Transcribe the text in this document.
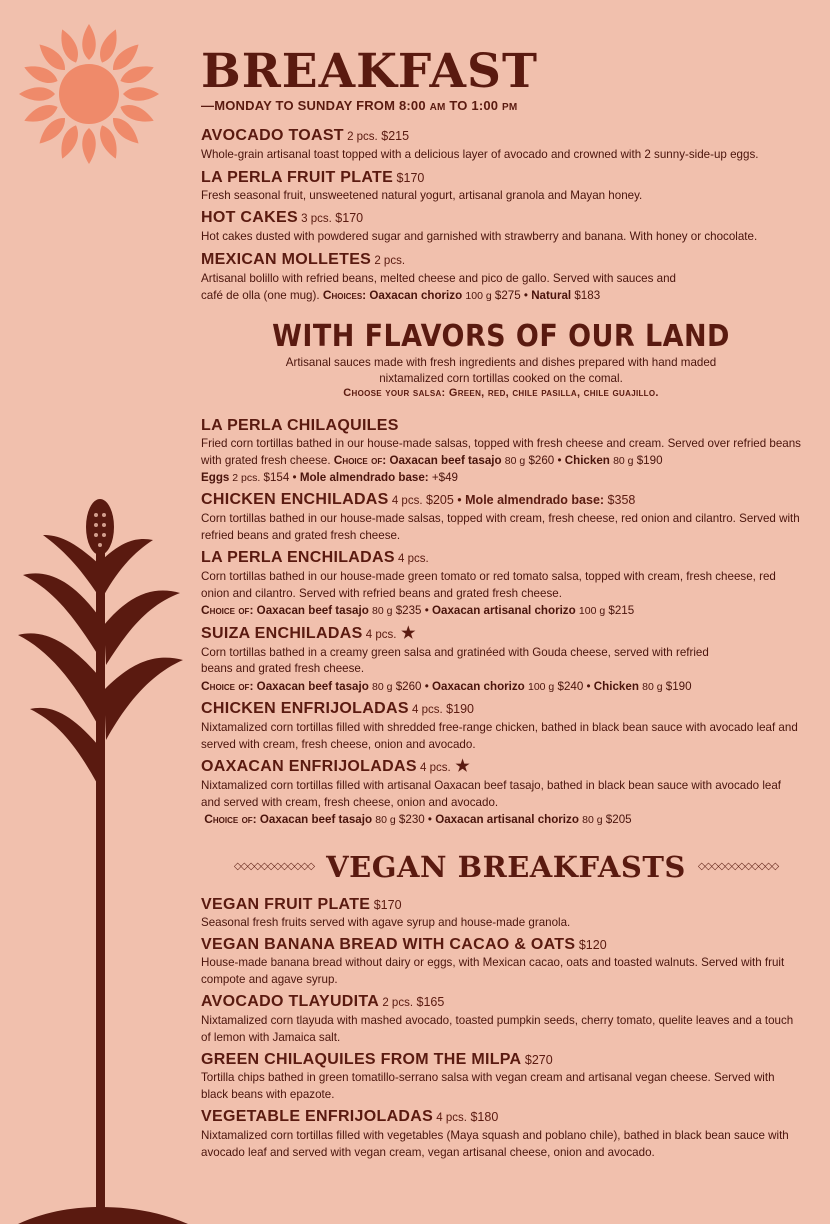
BREAKFAST
—MONDAY TO SUNDAY FROM 8:00 AM TO 1:00 PM
AVOCADO TOAST 2 pcs. $215
Whole-grain artisanal toast topped with a delicious layer of avocado and crowned with 2 sunny-side-up eggs.
LA PERLA FRUIT PLATE $170
Fresh seasonal fruit, unsweetened natural yogurt, artisanal granola and Mayan honey.
HOT CAKES 3 pcs. $170
Hot cakes dusted with powdered sugar and garnished with strawberry and banana. With honey or chocolate.
MEXICAN MOLLETES 2 pcs.
Artisanal bolillo with refried beans, melted cheese and pico de gallo. Served with sauces and
café de olla (one mug). Choices: Oaxacan chorizo 100 g $275 • Natural $183
WITH FLAVORS OF OUR LAND
Artisanal sauces made with fresh ingredients and dishes prepared with hand maded
nixtamalized corn tortillas cooked on the comal.
Choose your salsa: Green, red, chile pasilla, chile guajillo.
LA PERLA CHILAQUILES
Fried corn tortillas bathed in our house-made salsas, topped with fresh cheese and cream. Served over refried beans with grated fresh cheese. Choice of: Oaxacan beef tasajo 80 g $260 • Chicken 80 g $190
Eggs 2 pcs. $154 • Mole almendrado base: +$49
CHICKEN ENCHILADAS 4 pcs. $205 • Mole almendrado base: $358
Corn tortillas bathed in our house-made salsas, topped with cream, fresh cheese, red onion and cilantro. Served with refried beans and grated fresh cheese.
LA PERLA ENCHILADAS 4 pcs.
Corn tortillas bathed in our house-made green tomato or red tomato salsa, topped with cream, fresh cheese, red onion and cilantro. Served with refried beans and grated fresh cheese.
Choice of: Oaxacan beef tasajo 80 g $235 • Oaxacan artisanal chorizo 100 g $215
SUIZA ENCHILADAS 4 pcs. ★
Corn tortillas bathed in a creamy green salsa and gratinéed with Gouda cheese, served with refried
beans and grated fresh cheese.
Choice of: Oaxacan beef tasajo 80 g $260 • Oaxacan chorizo 100 g $240 • Chicken 80 g $190
CHICKEN ENFRIJOLADAS 4 pcs. $190
Nixtamalized corn tortillas filled with shredded free-range chicken, bathed in black bean sauce with avocado leaf and served with cream, fresh cheese, onion and avocado.
OAXACAN ENFRIJOLADAS 4 pcs. ★
Nixtamalized corn tortillas filled with artisanal Oaxacan beef tasajo, bathed in black bean sauce with avocado leaf and served with cream, fresh cheese, onion and avocado.
Choice of: Oaxacan beef tasajo 80 g $230 • Oaxacan artisanal chorizo 80 g $205
◇◇◇◇◇◇◇◇◇◇◇◇ VEGAN BREAKFASTS ◇◇◇◇◇◇◇◇◇◇◇◇
VEGAN FRUIT PLATE $170
Seasonal fresh fruits served with agave syrup and house-made granola.
VEGAN BANANA BREAD WITH CACAO & OATS $120
House-made banana bread without dairy or eggs, with Mexican cacao, oats and toasted walnuts. Served with fruit compote and agave syrup.
AVOCADO TLAYUDITA 2 pcs. $165
Nixtamalized corn tlayuda with mashed avocado, toasted pumpkin seeds, cherry tomato, quelite leaves and a touch of lemon with Jamaica salt.
GREEN CHILAQUILES FROM THE MILPA $270
Tortilla chips bathed in green tomatillo-serrano salsa with vegan cream and artisanal vegan cheese. Served with black beans with epazote.
VEGETABLE ENFRIJOLADAS 4 pcs. $180
Nixtamalized corn tortillas filled with vegetables (Maya squash and poblano chile), bathed in black bean sauce with avocado leaf and served with vegan cream, vegan artisanal cheese, onion and avocado.
